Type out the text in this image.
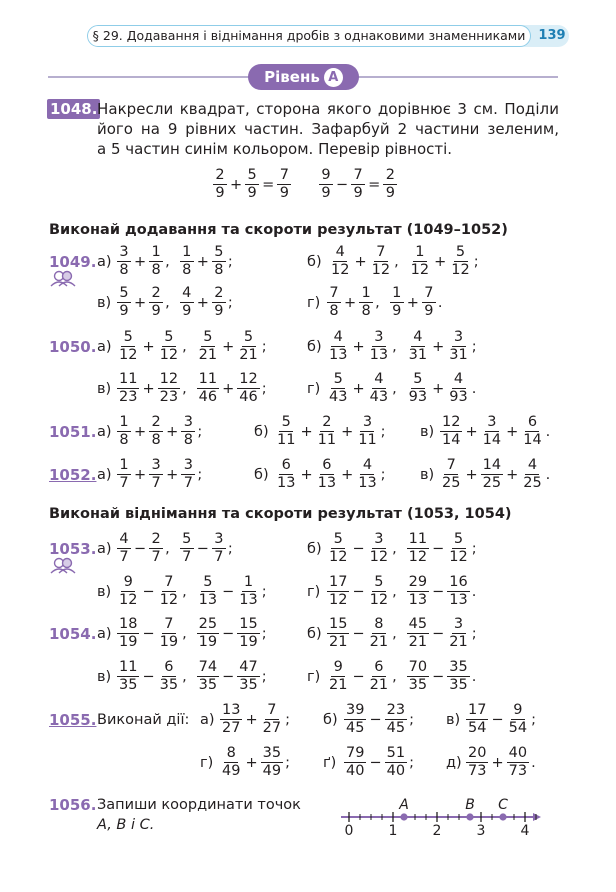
§ 29. Додавання і віднімання дробів з однаковими знаменниками	139
Рівень А
1048. Накресли квадрат, сторона якого дорівнює 3 см. Поділи
його на 9 рівних частин. Зафарбуй 2 частини зеленим,
а 5 частин синім кольором. Перевір рівності.
$\frac{2}{9} + \frac{5}{9} = \frac{7}{9} \frac{9}{9} - \frac{7}{9} = \frac{2}{9}$
Виконай додавання та скороти результат (1049–1052)
1049. $а) \frac{3}{8} + \frac{1}{8}$ , $\frac{1}{8} + \frac{5}{8}$ ;	$б) \frac{4}{12} + \frac{7}{12}$ , $\frac{1}{12} + \frac{5}{12}$ ;
$в) \frac{5}{9} + \frac{2}{9}$ , $\frac{4}{9} + \frac{2}{9}$ ;	$г) \frac{7}{8} + \frac{1}{8}$ , $\frac{1}{9} + \frac{7}{9}$ .
1050. $а) \frac{5}{12} + \frac{5}{12}$ , $\frac{5}{21} + \frac{5}{21}$ ;	$б) \frac{4}{13} + \frac{3}{13}$ , $\frac{4}{31} + \frac{3}{31}$ ;
$в) \frac{11}{23} + \frac{12}{23}$ , $\frac{11}{46} + \frac{12}{46}$ ;	$г) \frac{5}{43} + \frac{4}{43}$ , $\frac{5}{93} + \frac{4}{93}$ .
1051. $а) \frac{1}{8} + \frac{2}{8} + \frac{3}{8}$ ;	$б) \frac{5}{11} + \frac{2}{11} + \frac{3}{11}$ ; $в) \frac{12}{14} + \frac{3}{14} + \frac{6}{14}$ .
1052. $а) \frac{1}{7} + \frac{3}{7} + \frac{3}{7}$ ;	$б) \frac{6}{13} + \frac{6}{13} + \frac{4}{13}$ ; $в) \frac{7}{25} + \frac{14}{25} + \frac{4}{25}$ .
Виконай віднімання та скороти результат (1053, 1054)
1053. $а) \frac{4}{7} - \frac{2}{7}$ , $\frac{5}{7} - \frac{3}{7}$ ;	$б) \frac{5}{12} - \frac{3}{12}$ , $\frac{11}{12} - \frac{5}{12}$ ;
$в) \frac{9}{12} - \frac{7}{12}$ , $\frac{5}{13} - \frac{1}{13}$ ;	$г) \frac{17}{12} - \frac{5}{12}$ , $\frac{29}{13} - \frac{16}{13}$ .
1054. $а) \frac{18}{19} - \frac{7}{19}$ , $\frac{25}{19} - \frac{15}{19}$ ;	$б) \frac{15}{21} - \frac{8}{21}$ , $\frac{45}{21} - \frac{3}{21}$ ;
$в) \frac{11}{35} - \frac{6}{35}$ , $\frac{74}{35} - \frac{47}{35}$ ;	$г) \frac{9}{21} - \frac{6}{21}$ , $\frac{70}{35} - \frac{35}{35}$ .
1055. Виконай дії: $а) \frac{13}{27} + \frac{7}{27}$ ; $б) \frac{39}{45} - \frac{23}{45}$ ; $в) \frac{17}{54} - \frac{9}{54}$ ;
$г) \frac{8}{49} + \frac{35}{49}$ ; $ґ) \frac{79}{40} - \frac{51}{40}$ ; $д) \frac{20}{73} + \frac{40}{73}$ .
1056. Запиши координати точок
A, B і C.	0	1	2	3	4
A	B C
